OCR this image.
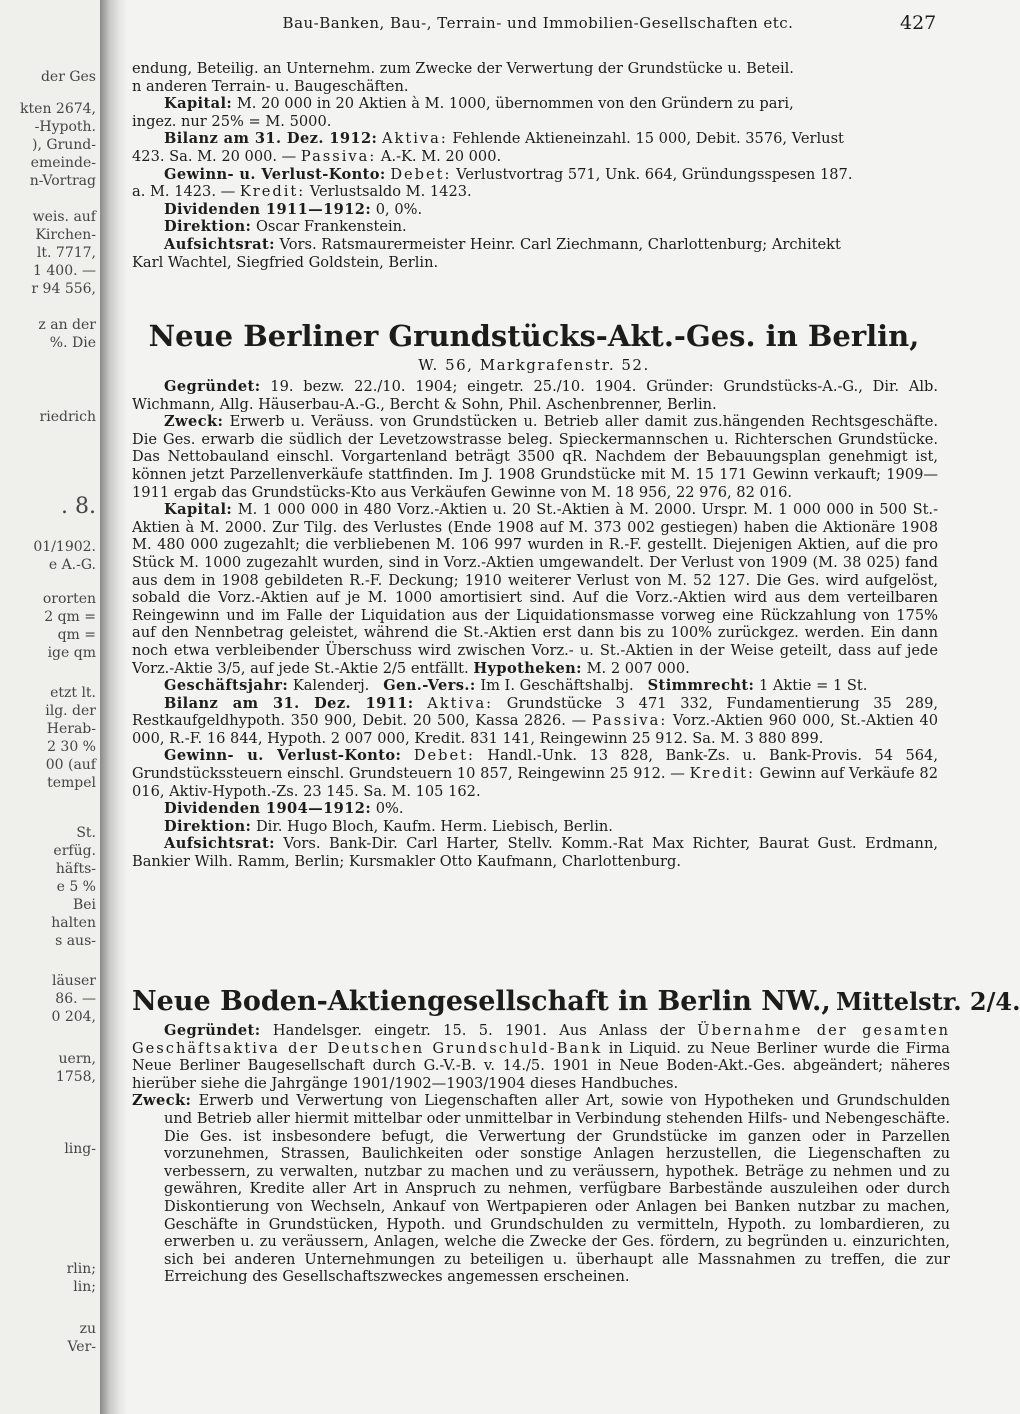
der Ges
kten 2674,
-Hypoth.
), Grund-
emeinde-
n-Vortrag
weis. auf
Kirchen-
lt. 7717,
1 400. —
r 94 556,
z an der
%. Die
riedrich
. 8.
01/1902.
e A.-G.
ororten
2 qm =
qm =
ige qm
etzt lt.
ilg. der
Herab-
2 30 %
00 (auf
tempel
St.
erfüg.
häfts-
e 5 %
Bei
halten
s aus-
läuser
86. —
0 204,
uern,
1758,
ling-
rlin;
lin;
zu
Ver-
Bau-Banken, Bau-, Terrain- und Immobilien-Gesellschaften etc.	427

endung, Beteilig. an Unternehm. zum Zwecke der Verwertung der Grundstücke u. Beteil.

n anderen Terrain- u. Baugeschäften.

Kapital: M. 20 000 in 20 Aktien à M. 1000, übernommen von den Gründern zu pari,

ingez. nur 25% = M. 5000.

Bilanz am 31. Dez. 1912: Aktiva: Fehlende Aktieneinzahl. 15 000, Debit. 3576, Verlust

423. Sa. M. 20 000. — Passiva: A.-K. M. 20 000.

Gewinn- u. Verlust-Konto: Debet: Verlustvortrag 571, Unk. 664, Gründungsspesen 187.

a. M. 1423. — Kredit: Verlustsaldo M. 1423.

Dividenden 1911—1912: 0, 0%.

Direktion: Oscar Frankenstein.

Aufsichtsrat: Vors. Ratsmaurermeister Heinr. Carl Ziechmann, Charlottenburg; Architekt

Karl Wachtel, Siegfried Goldstein, Berlin.

Neue Berliner Grundstücks-Akt.-Ges. in Berlin,
W. 56, Markgrafenstr. 52.

Gegründet: 19. bezw. 22./10. 1904; eingetr. 25./10. 1904. Gründer: Grundstücks-A.-G., Dir. Alb. Wichmann, Allg. Häuserbau-A.-G., Bercht & Sohn, Phil. Aschenbrenner, Berlin.

Zweck: Erwerb u. Veräuss. von Grundstücken u. Betrieb aller damit zus.hängenden Rechtsgeschäfte. Die Ges. erwarb die südlich der Levetzowstrasse beleg. Spieckermannschen u. Richterschen Grundstücke. Das Nettobauland einschl. Vorgartenland beträgt 3500 qR. Nachdem der Bebauungsplan genehmigt ist, können jetzt Parzellenverkäufe stattfinden. Im J. 1908 Grundstücke mit M. 15 171 Gewinn verkauft; 1909—1911 ergab das Grundstücks-Kto aus Verkäufen Gewinne von M. 18 956, 22 976, 82 016.

Kapital: M. 1 000 000 in 480 Vorz.-Aktien u. 20 St.-Aktien à M. 2000. Urspr. M. 1 000 000 in 500 St.-Aktien à M. 2000. Zur Tilg. des Verlustes (Ende 1908 auf M. 373 002 gestiegen) haben die Aktionäre 1908 M. 480 000 zugezahlt; die verbliebenen M. 106 997 wurden in R.-F. gestellt. Diejenigen Aktien, auf die pro Stück M. 1000 zugezahlt wurden, sind in Vorz.-Aktien umgewandelt. Der Verlust von 1909 (M. 38 025) fand aus dem in 1908 gebildeten R.-F. Deckung; 1910 weiterer Verlust von M. 52 127. Die Ges. wird aufgelöst, sobald die Vorz.-Aktien auf je M. 1000 amortisiert sind. Auf die Vorz.-Aktien wird aus dem verteilbaren Reingewinn und im Falle der Liquidation aus der Liquidationsmasse vorweg eine Rückzahlung von 175% auf den Nennbetrag geleistet, während die St.-Aktien erst dann bis zu 100% zurückgez. werden. Ein dann noch etwa verbleibender Überschuss wird zwischen Vorz.- u. St.-Aktien in der Weise geteilt, dass auf jede Vorz.-Aktie 3/5, auf jede St.-Aktie 2/5 entfällt. Hypotheken: M. 2 007 000.

Geschäftsjahr: Kalenderj. Gen.-Vers.: Im I. Geschäftshalbj. Stimmrecht: 1 Aktie = 1 St.

Bilanz am 31. Dez. 1911: Aktiva: Grundstücke 3 471 332, Fundamentierung 35 289, Restkaufgeldhypoth. 350 900, Debit. 20 500, Kassa 2826. — Passiva: Vorz.-Aktien 960 000, St.-Aktien 40 000, R.-F. 16 844, Hypoth. 2 007 000, Kredit. 831 141, Reingewinn 25 912. Sa. M. 3 880 899.

Gewinn- u. Verlust-Konto: Debet: Handl.-Unk. 13 828, Bank-Zs. u. Bank-Provis. 54 564, Grundstückssteuern einschl. Grundsteuern 10 857, Reingewinn 25 912. — Kredit: Gewinn auf Verkäufe 82 016, Aktiv-Hypoth.-Zs. 23 145. Sa. M. 105 162.

Dividenden 1904—1912: 0%.

Direktion: Dir. Hugo Bloch, Kaufm. Herm. Liebisch, Berlin.

Aufsichtsrat: Vors. Bank-Dir. Carl Harter, Stellv. Komm.-Rat Max Richter, Baurat Gust. Erdmann, Bankier Wilh. Ramm, Berlin; Kursmakler Otto Kaufmann, Charlottenburg.

Neue Boden-Aktiengesellschaft in Berlin NW., Mittelstr. 2/4.

Gegründet: Handelsger. eingetr. 15. 5. 1901. Aus Anlass der Übernahme der gesamten Geschäftsaktiva der Deutschen Grundschuld-Bank in Liquid. zu Neue Berliner wurde die Firma Neue Berliner Baugesellschaft durch G.-V.-B. v. 14./5. 1901 in Neue Boden-Akt.-Ges. abgeändert; näheres hierüber siehe die Jahrgänge 1901/1902—1903/1904 dieses Handbuches.

Zweck: Erwerb und Verwertung von Liegenschaften aller Art, sowie von Hypotheken und Grundschulden und Betrieb aller hiermit mittelbar oder unmittelbar in Verbindung stehenden Hilfs- und Nebengeschäfte. Die Ges. ist insbesondere befugt, die Verwertung der Grundstücke im ganzen oder in Parzellen vorzunehmen, Strassen, Baulichkeiten oder sonstige Anlagen herzustellen, die Liegenschaften zu verbessern, zu verwalten, nutzbar zu machen und zu veräussern, hypothek. Beträge zu nehmen und zu gewähren, Kredite aller Art in Anspruch zu nehmen, verfügbare Barbestände auszuleihen oder durch Diskontierung von Wechseln, Ankauf von Wertpapieren oder Anlagen bei Banken nutzbar zu machen, Geschäfte in Grundstücken, Hypoth. und Grundschulden zu vermitteln, Hypoth. zu lombardieren, zu erwerben u. zu veräussern, Anlagen, welche die Zwecke der Ges. fördern, zu begründen u. einzurichten, sich bei anderen Unternehmungen zu beteiligen u. überhaupt alle Massnahmen zu treffen, die zur Erreichung des Gesellschaftszweckes angemessen erscheinen.
